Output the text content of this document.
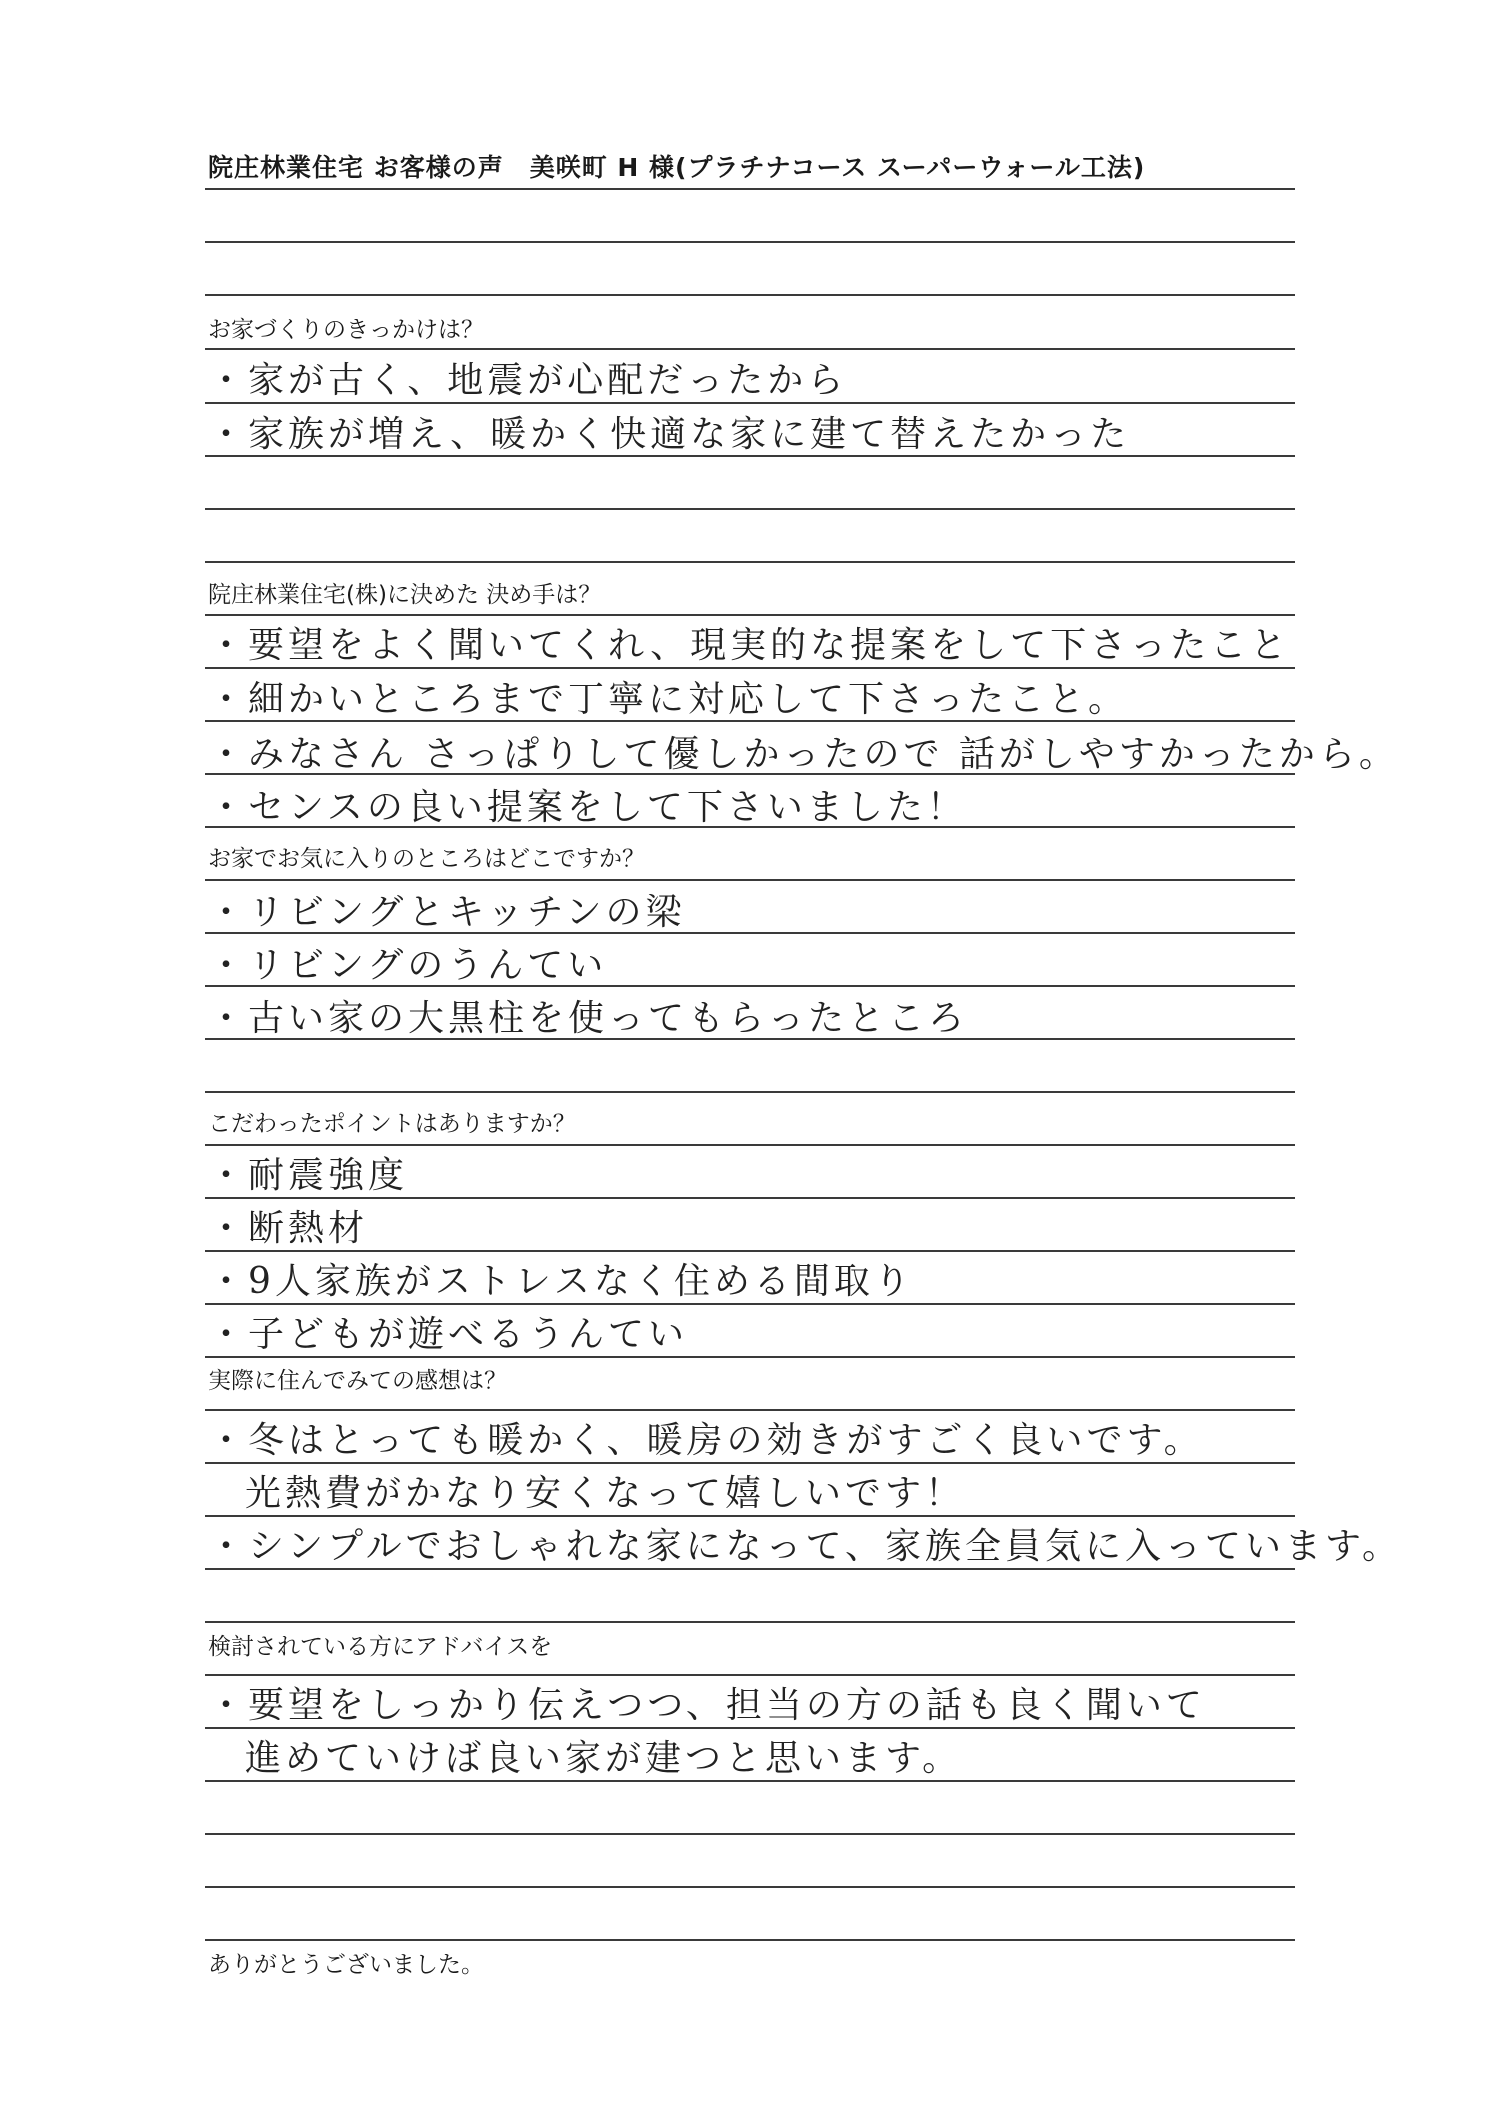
院庄林業住宅 お客様の声　美咲町 H 様(プラチナコース スーパーウォール工法)
お家づくりのきっかけは？
・家が古く、地震が心配だったから
・家族が増え、暖かく快適な家に建て替えたかった
院庄林業住宅(株)に決めた 決め手は？
・要望をよく聞いてくれ、現実的な提案をして下さったこと
・細かいところまで丁寧に対応して下さったこと。
・みなさん さっぱりして優しかったので 話がしやすかったから。
・センスの良い提案をして下さいました！
お家でお気に入りのところはどこですか？
・リビングとキッチンの梁
・リビングのうんてい
・古い家の大黒柱を使ってもらったところ
こだわったポイントはありますか？
・耐震強度
・断熱材
・9人家族がストレスなく住める間取り
・子どもが遊べるうんてい
実際に住んでみての感想は？
・冬はとっても暖かく、暖房の効きがすごく良いです。
光熱費がかなり安くなって嬉しいです！
・シンプルでおしゃれな家になって、家族全員気に入っています。
検討されている方にアドバイスを
・要望をしっかり伝えつつ、担当の方の話も良く聞いて
進めていけば良い家が建つと思います。
ありがとうございました。
